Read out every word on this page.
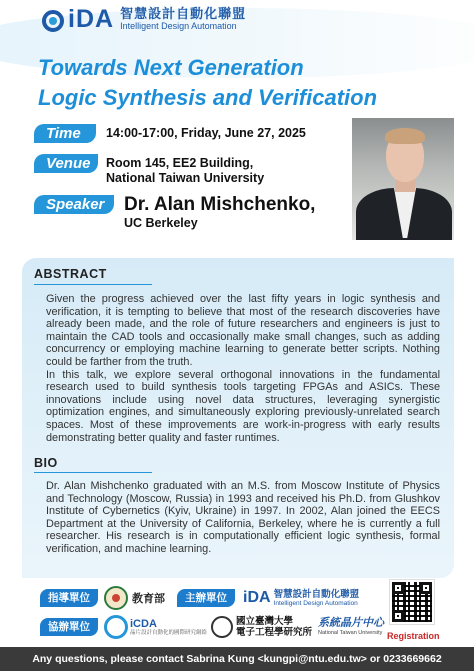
iDA 智慧設計自動化聯盟
Intelligent Design Automation
Towards Next Generation
Logic Synthesis and Verification
Time	14:00-17:00, Friday, June 27, 2025
Venue	Room 145, EE2 Building,
National Taiwan University
Speaker	Dr. Alan Mishchenko,
UC Berkeley
ABSTRACT

Given the progress achieved over the last fifty years in logic synthesis and verification, it is tempting to believe that most of the research discoveries have already been made, and the role of future researchers and engineers is just to maintain the CAD tools and occasionally make small changes, such as adding concurrency or employing machine learning to generate better scripts. Nothing could be farther from the truth.

In this talk, we explore several orthogonal innovations in the fundamental research used to build synthesis tools targeting FPGAs and ASICs. These innovations include using novel data structures, leveraging synergistic optimization engines, and simultaneously exploring previously-unrelated search spaces. Most of these improvements are work-in-progress with early results demonstrating better quality and faster runtimes.

BIO
Dr. Alan Mishchenko graduated with an M.S. from Moscow Institute of Physics and Technology (Moscow, Russia) in 1993 and received his Ph.D. from Glushkov Institute of Cybernetics (Kyiv, Ukraine) in 1997. In 2002, Alan joined the EECS Department at the University of California, Berkeley, where he is currently a full researcher. His research is in computationally efficient logic synthesis, formal verification, and machine learning.
指導單位	教育部	主辦單位	iDA 智慧設計自動化聯盟
Intelligent Design Automation
協辦單位	iCDA
晶片設計自動化的國際研究網絡
國立臺灣大學
電子工程學研究所
系統晶片中心
National Taiwan University Registration
Any questions, please contact Sabrina Kung <kungpi@ntu.edu.tw> or 0233669662
